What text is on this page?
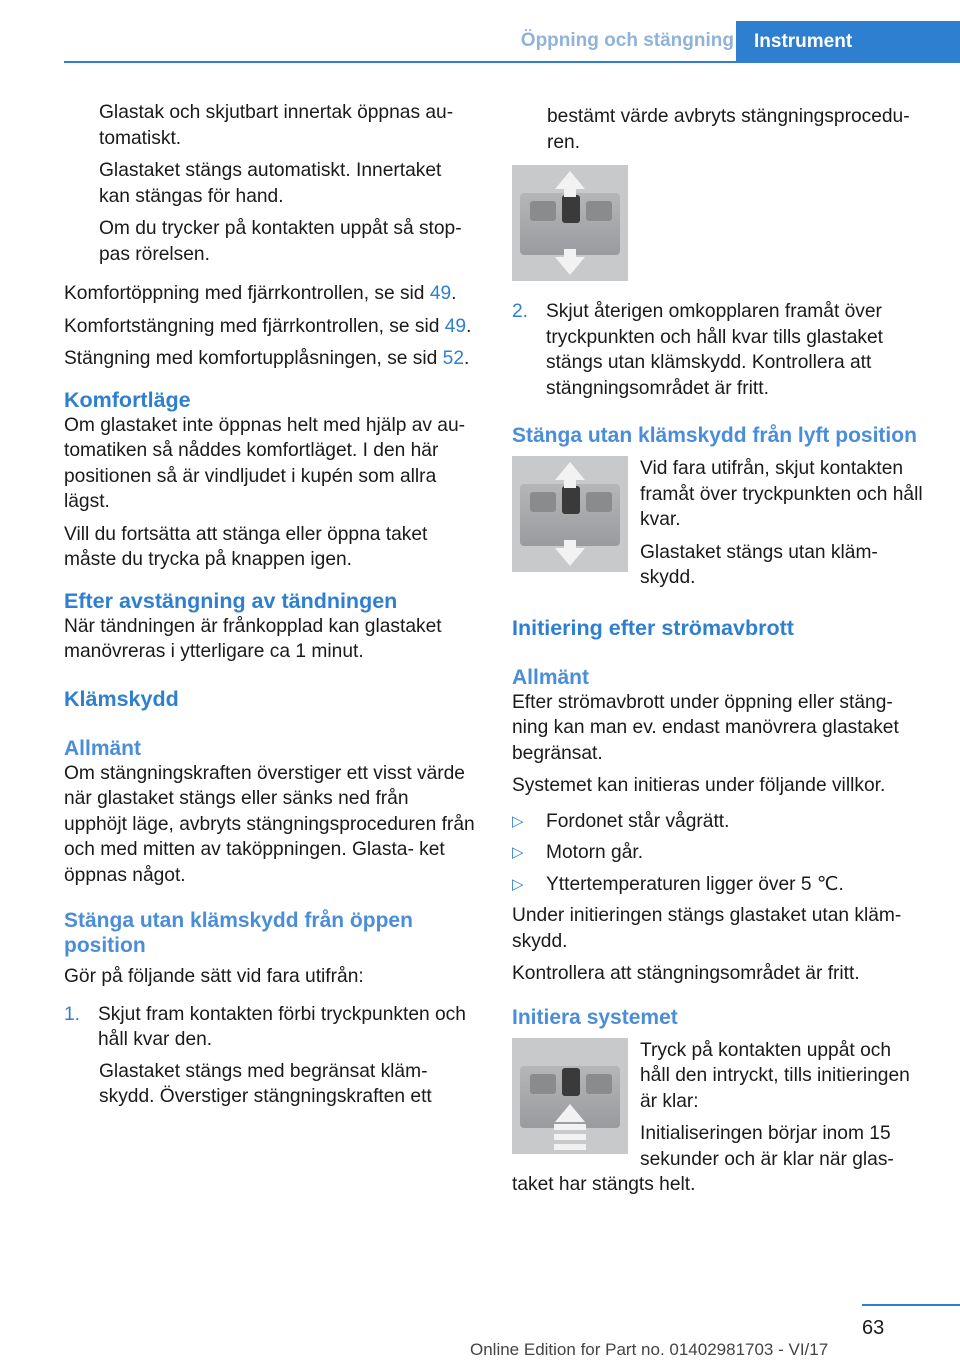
Öppning och stängning	Instrument

Glastak och skjutbart innertak öppnas au‐ tomatiskt.

Glastaket stängs automatiskt. Innertaket kan stängas för hand.

Om du trycker på kontakten uppåt så stop‐ pas rörelsen.

Komfortöppning med fjärrkontrollen, se sid 49.

Komfortstängning med fjärrkontrollen, se sid 49.

Stängning med komfortupplåsningen, se sid 52.

Komfortläge

Om glastaket inte öppnas helt med hjälp av au‐ tomatiken så nåddes komfortläget. I den här positionen så är vindljudet i kupén som allra lägst.

Vill du fortsätta att stänga eller öppna taket måste du trycka på knappen igen.

Efter avstängning av tändningen

När tändningen är frånkopplad kan glastaket manövreras i ytterligare ca 1 minut.

Klämskydd
Allmänt

Om stängningskraften överstiger ett visst värde när glastaket stängs eller sänks ned från upphöjt läge, avbryts stängningsproceduren från och med mitten av taköppningen. Glasta‐ ket öppnas något.

Stänga utan klämskydd från öppen position

Gör på följande sätt vid fara utifrån:

1. Skjut fram kontakten förbi tryckpunkten och håll kvar den.

Glastaket stängs med begränsat kläm‐ skydd. Överstiger stängningskraften ett

bestämt värde avbryts stängningsprocedu‐ ren.

2. Skjut återigen omkopplaren framåt över tryckpunkten och håll kvar tills glastaket stängs utan klämskydd. Kontrollera att stängningsområdet är fritt.
Stänga utan klämskydd från lyft position

Vid fara utifrån, skjut kontakten framåt över tryckpunkten och håll kvar.

Glastaket stängs utan kläm‐ skydd.

Initiering efter strömavbrott
Allmänt

Efter strömavbrott under öppning eller stäng‐ ning kan man ev. endast manövrera glastaket begränsat.

Systemet kan initieras under följande villkor.

▷ Fordonet står vågrätt.
▷ Motorn går.
▷ Yttertemperaturen ligger över 5 ℃.

Under initieringen stängs glastaket utan kläm‐ skydd.

Kontrollera att stängningsområdet är fritt.

Initiera systemet

Tryck på kontakten uppåt och håll den intryckt, tills initieringen är klar:

Initialiseringen börjar inom 15 sekunder och är klar när glas‐ taket har stängts helt.

63
Online Edition for Part no. 01402981703 - VI/17
